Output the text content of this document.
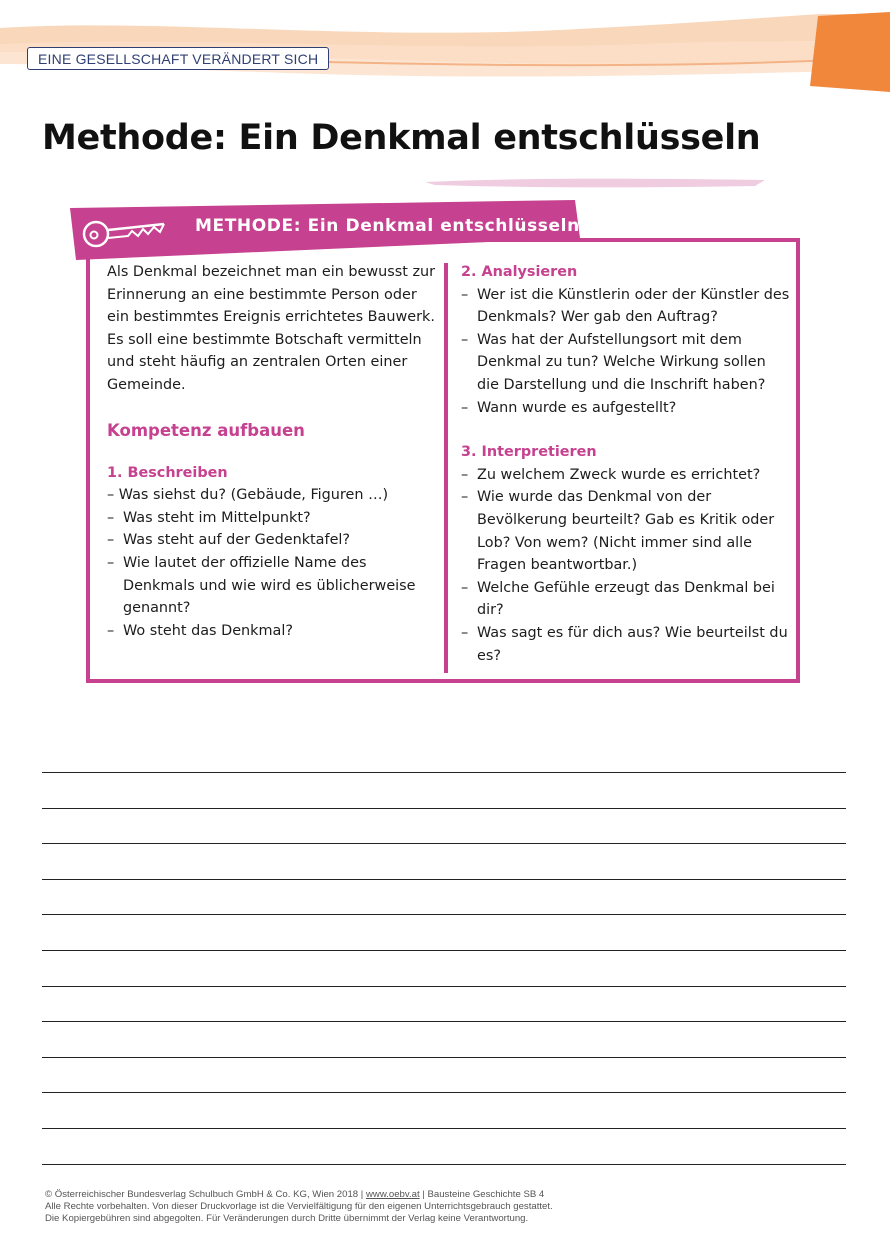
EINE GESELLSCHAFT VERÄNDERT SICH
Methode: Ein Denkmal entschlüsseln
METHODE: Ein Denkmal entschlüsseln

Als Denkmal bezeichnet man ein bewusst zur Erinnerung an eine bestimmte Person oder ein bestimmtes Ereignis errichtetes Bauwerk. Es soll eine bestimmte Botschaft vermitteln und steht häufig an zentralen Orten einer Gemeinde.

Kompetenz aufbauen

1. Beschreiben

– Was siehst du? (Gebäude, Figuren …)
– Was steht im Mittelpunkt?
– Was steht auf der Gedenktafel?
– Wie lautet der offizielle Name des Denkmals und wie wird es üblicherweise genannt?
– Wo steht das Denkmal?

2. Analysieren

– Wer ist die Künstlerin oder der Künstler des Denkmals? Wer gab den Auftrag?
– Was hat der Aufstellungsort mit dem Denkmal zu tun? Welche Wirkung sollen die Darstellung und die Inschrift haben?
– Wann wurde es aufgestellt?

3. Interpretieren

– Zu welchem Zweck wurde es errichtet?
– Wie wurde das Denkmal von der Bevölkerung beurteilt? Gab es Kritik oder Lob? Von wem? (Nicht immer sind alle Fragen beantwortbar.)
– Welche Gefühle erzeugt das Denkmal bei dir?
– Was sagt es für dich aus? Wie beurteilst du es?
© Österreichischer Bundesverlag Schulbuch GmbH & Co. KG, Wien 2018 | www.oebv.at | Bausteine Geschichte SB 4
Alle Rechte vorbehalten. Von dieser Druckvorlage ist die Vervielfältigung für den eigenen Unterrichtsgebrauch gestattet.
Die Kopiergebühren sind abgegolten. Für Veränderungen durch Dritte übernimmt der Verlag keine Verantwortung.
